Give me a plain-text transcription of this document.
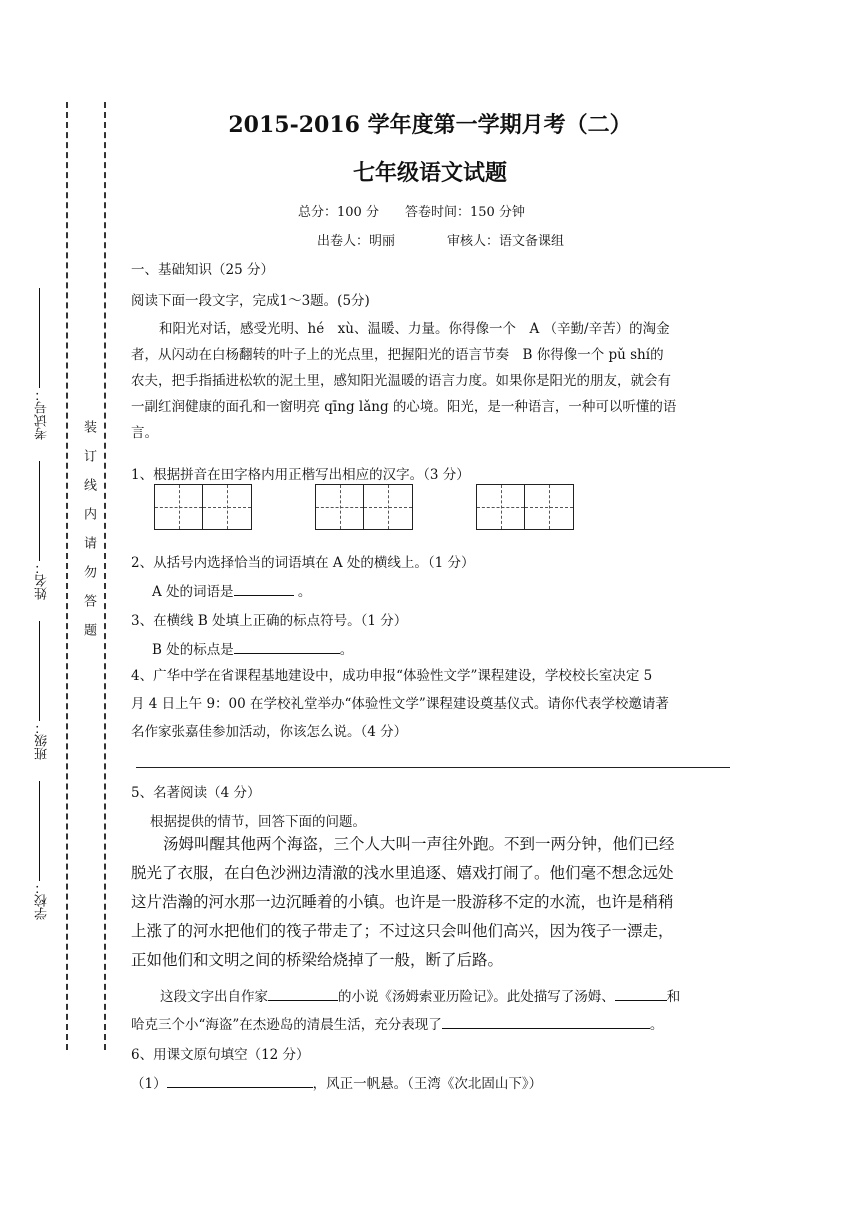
考试号：
姓名：
班级：
学校：
装订线内请勿答题
2015-2016 学年度第一学期月考（二）
七年级语文试题
总分：100 分　　答卷时间：150 分钟
出卷人：明丽　　　　审核人：语文备课组
一、基础知识（25 分）
阅读下面一段文字，完成1～3题。(5分)
和阳光对话，感受光明、hé　xù、温暖、力量。你得像一个　A （辛勤/辛苦）的淘金
者，从闪动在白杨翻转的叶子上的光点里，把握阳光的语言节奏　B 你得像一个 pǔ shí的
农夫，把手指插进松软的泥土里，感知阳光温暖的语言力度。如果你是阳光的朋友，就会有
一副红润健康的面孔和一窗明亮 qīng lǎng 的心境。阳光，是一种语言，一种可以听懂的语
言。
1、根据拼音在田字格内用正楷写出相应的汉字。（3 分）
2、从括号内选择恰当的词语填在 A 处的横线上。（1 分）
A 处的词语是	。
3、在横线 B 处填上正确的标点符号。（1 分）
B 处的标点是	。
4、广华中学在省课程基地建设中，成功申报“体验性文学”课程建设，学校校长室决定 5
月 4 日上午 9：00 在学校礼堂举办“体验性文学”课程建设奠基仪式。请你代表学校邀请著
名作家张嘉佳参加活动，你该怎么说。（4 分）
5、名著阅读（4 分）
根据提供的情节，回答下面的问题。
汤姆叫醒其他两个海盗，三个人大叫一声往外跑。不到一两分钟，他们已经
脱光了衣服，在白色沙洲边清澈的浅水里追逐、嬉戏打闹了。他们毫不想念远处
这片浩瀚的河水那一边沉睡着的小镇。也许是一股游移不定的水流，也许是稍稍
上涨了的河水把他们的筏子带走了；不过这只会叫他们高兴，因为筏子一漂走，
正如他们和文明之间的桥梁给烧掉了一般，断了后路。
这段文字出自作家	的小说《汤姆索亚历险记》。此处描写了汤姆、	和
哈克三个小“海盗”在杰逊岛的清晨生活，充分表现了	。
6、用课文原句填空（12 分）
（1）	，风正一帆悬。（王湾《次北固山下》）
